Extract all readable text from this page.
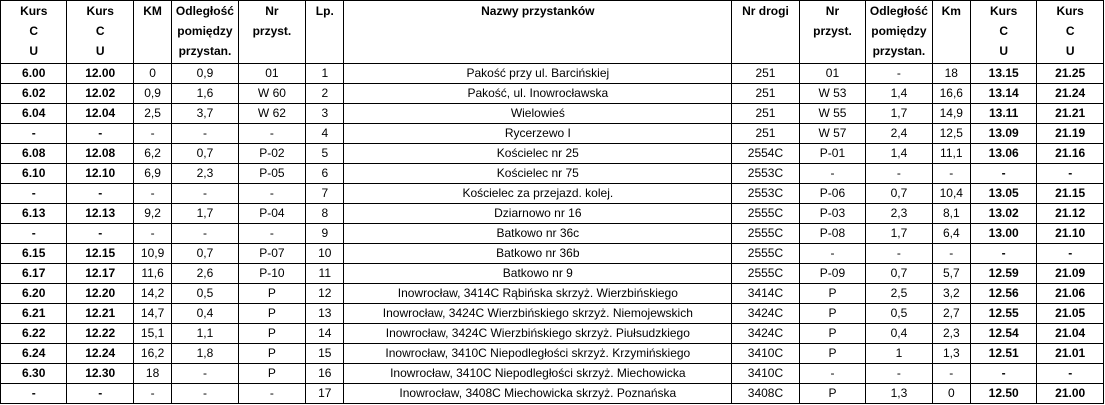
Kurs
C
U	Kurs
C
U	KM	Odległość
pomiędzy
przystan.	Nr
przyst.	Lp.	Nazwy przystanków	Nr drogi	Nr
przyst.	Odległość
pomiędzy
przystan.	Km	Kurs
C
U	Kurs
C
U

6.00	12.00	0	0,9	01	1	Pakość przy ul. Barcińskiej	251	01	-	18	13.15	21.25
6.02	12.02	0,9	1,6	W 60	2	Pakość, ul. Inowrocławska	251	W 53	1,4	16,6	13.14	21.24
6.04	12.04	2,5	3,7	W 62	3	Wielowieś	251	W 55	1,7	14,9	13.11	21.21
-	-	-	-	-	4	Rycerzewo I	251	W 57	2,4	12,5	13.09	21.19
6.08	12.08	6,2	0,7	P-02	5	Kościelec nr 25	2554C	P-01	1,4	11,1	13.06	21.16
6.10	12.10	6,9	2,3	P-05	6	Kościelec nr 75	2553C	-	-	-	-	-
-	-	-	-	-	7	Kościelec za przejazd. kolej.	2553C	P-06	0,7	10,4	13.05	21.15
6.13	12.13	9,2	1,7	P-04	8	Dziarnowo nr 16	2555C	P-03	2,3	8,1	13.02	21.12
-	-	-	-	-	9	Batkowo nr 36c	2555C	P-08	1,7	6,4	13.00	21.10
6.15	12.15	10,9	0,7	P-07	10	Batkowo nr 36b	2555C	-	-	-	-	-
6.17	12.17	11,6	2,6	P-10	11	Batkowo nr 9	2555C	P-09	0,7	5,7	12.59	21.09
6.20	12.20	14,2	0,5	P	12	Inowrocław, 3414C Rąbińska skrzyż. Wierzbińskiego	3414C	P	2,5	3,2	12.56	21.06
6.21	12.21	14,7	0,4	P	13	Inowrocław, 3424C Wierzbińskiego skrzyż. Niemojewskich	3424C	P	0,5	2,7	12.55	21.05
6.22	12.22	15,1	1,1	P	14	Inowrocław, 3424C Wierzbińskiego skrzyż. Piułsudzkiego	3424C	P	0,4	2,3	12.54	21.04
6.24	12.24	16,2	1,8	P	15	Inowrocław, 3410C Niepodległości skrzyż. Krzymińskiego	3410C	P	1	1,3	12.51	21.01
6.30	12.30	18	-	P	16	Inowrocław, 3410C Niepodległości skrzyż. Miechowicka	3410C	-	-	-	-	-
-	-	-	-	-	17	Inowrocław, 3408C Miechowicka skrzyż. Poznańska	3408C	P	1,3	0	12.50	21.00
